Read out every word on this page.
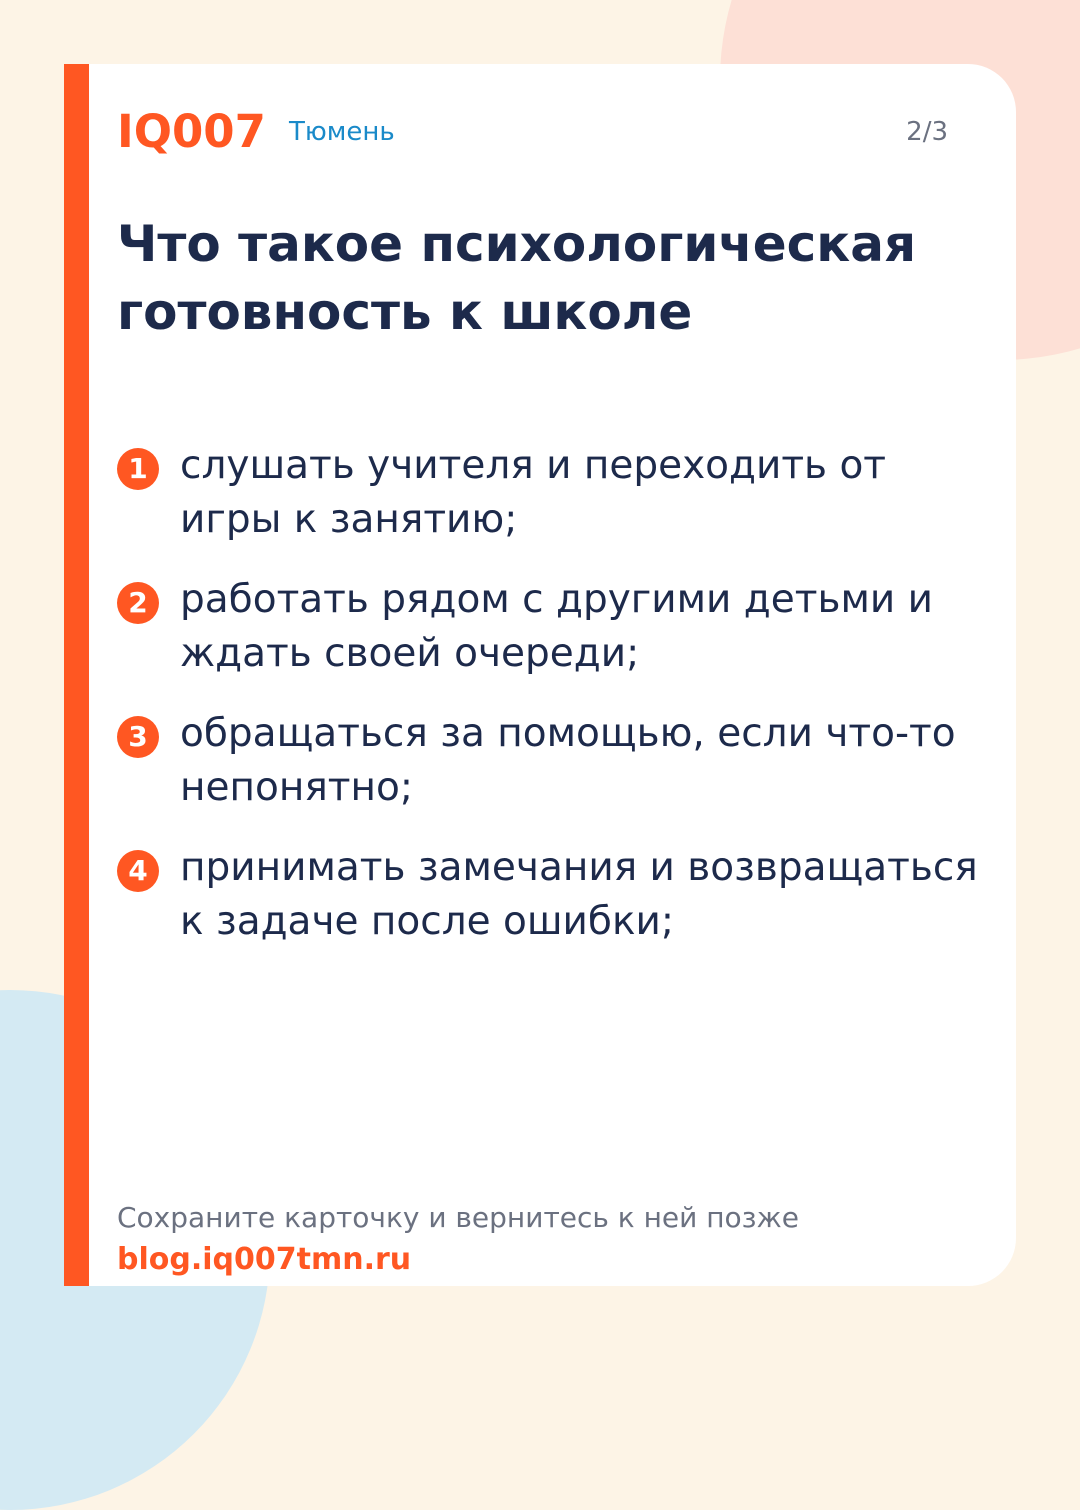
IQ007 Тюмень	2/3
Что такое психологическая готовность к школе
1 слушать учителя и переходить от игры к занятию;
2 работать рядом с другими детьми и ждать своей очереди;
3 обращаться за помощью, если что-то непонятно;
4 принимать замечания и возвращаться к задаче после ошибки;
Сохраните карточку и вернитесь к ней позже
blog.iq007tmn.ru
